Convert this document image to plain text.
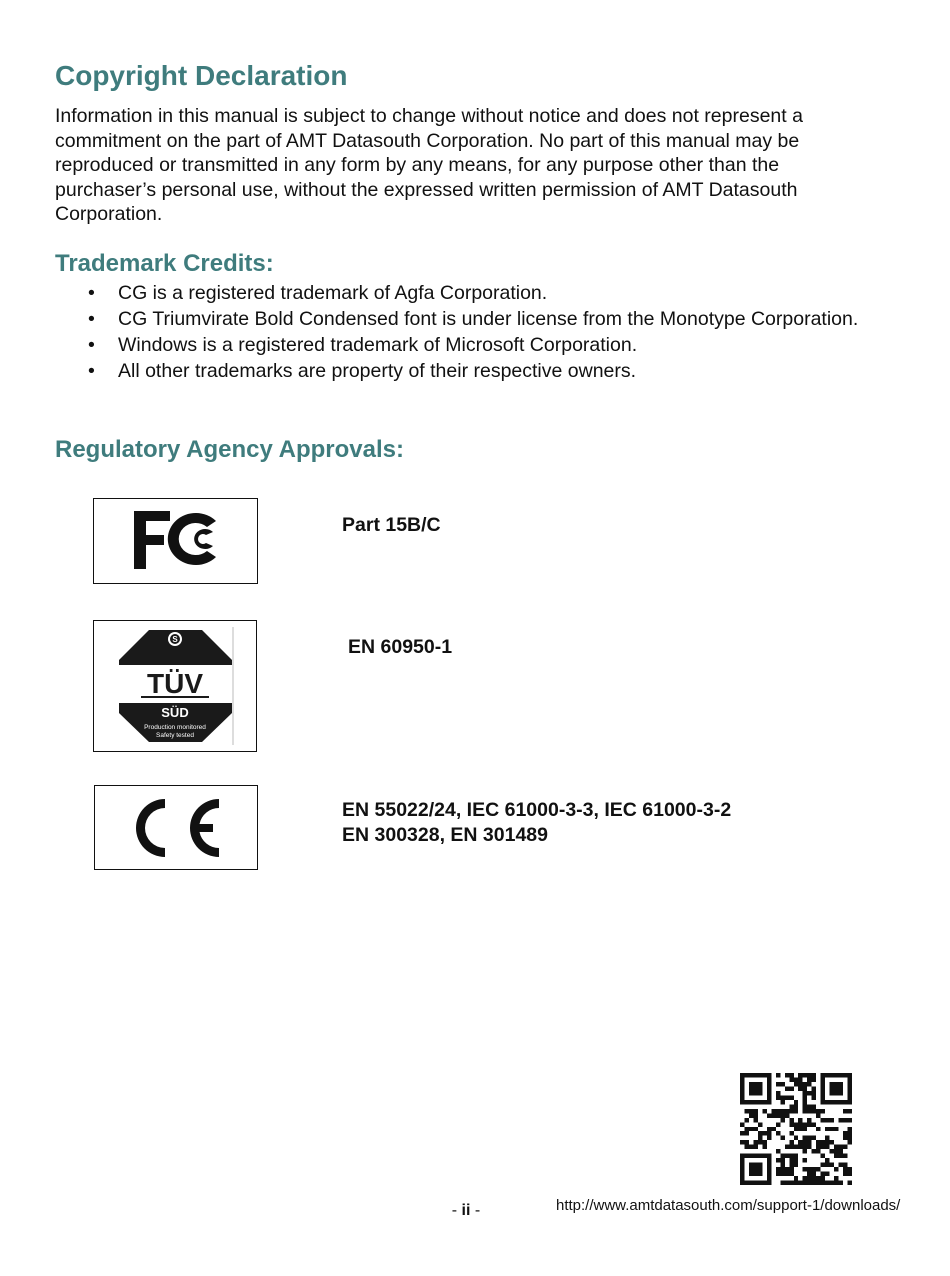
Copyright Declaration

Information in this manual is subject to change without notice and does not represent a commitment on the part of AMT Datasouth Corporation. No part of this manual may be reproduced or transmitted in any form by any means, for any purpose other than the purchaser’s personal use, without the expressed written permission of AMT Datasouth Corporation.

Trademark Credits:
• CG is a registered trademark of Agfa Corporation.
• CG Triumvirate Bold Condensed font is under license from the Monotype Corporation.
• Windows is a registered trademark of Microsoft Corporation.
• All other trademarks are property of their respective owners.
Regulatory Agency Approvals:

Part 15B/C

S
TÜV
SÜD
Production monitored
Safety tested

EN 60950-1

EN 55022/24, IEC 61000-3-3, IEC 61000-3-2

EN 300328, EN 301489

- ii -	http://www.amtdatasouth.com/support-1/downloads/
